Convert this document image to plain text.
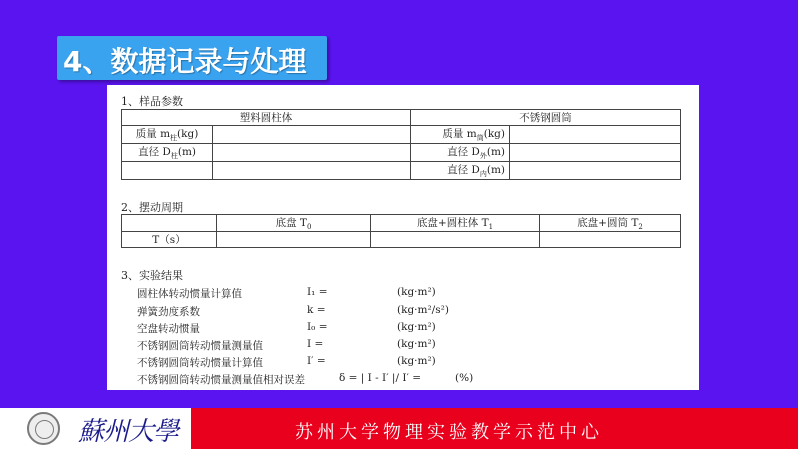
4、数据记录与处理
1、样品参数
塑料圆柱体		不锈钢圆筒	
质量 $m_柱(kg)$		质量 $m_筒(kg)$	
直径 $D_柱(m)$		直径 $D_外(m)$	
		直径 $D_内(m)$	
2、摆动周期
	底盘 $T_0$	底盘+圆柱体 $T_1$	底盘+圆筒 $T_2$
T（s）			
3、实验结果
圆柱体转动惯量计算值	I₁ =	(kg·m²)
弹簧劲度系数	k =	(kg·m²/s²)
空盘转动惯量	I₀ =	(kg·m²)
不锈钢圆筒转动惯量测量值	I =	(kg·m²)
不锈钢圆筒转动惯量计算值	I′ =	(kg·m²)
不锈钢圆筒转动惯量测量值相对误差	δ = | I - I′ |/ I′ =	(%)
蘇州大學	苏州大学物理实验教学示范中心
